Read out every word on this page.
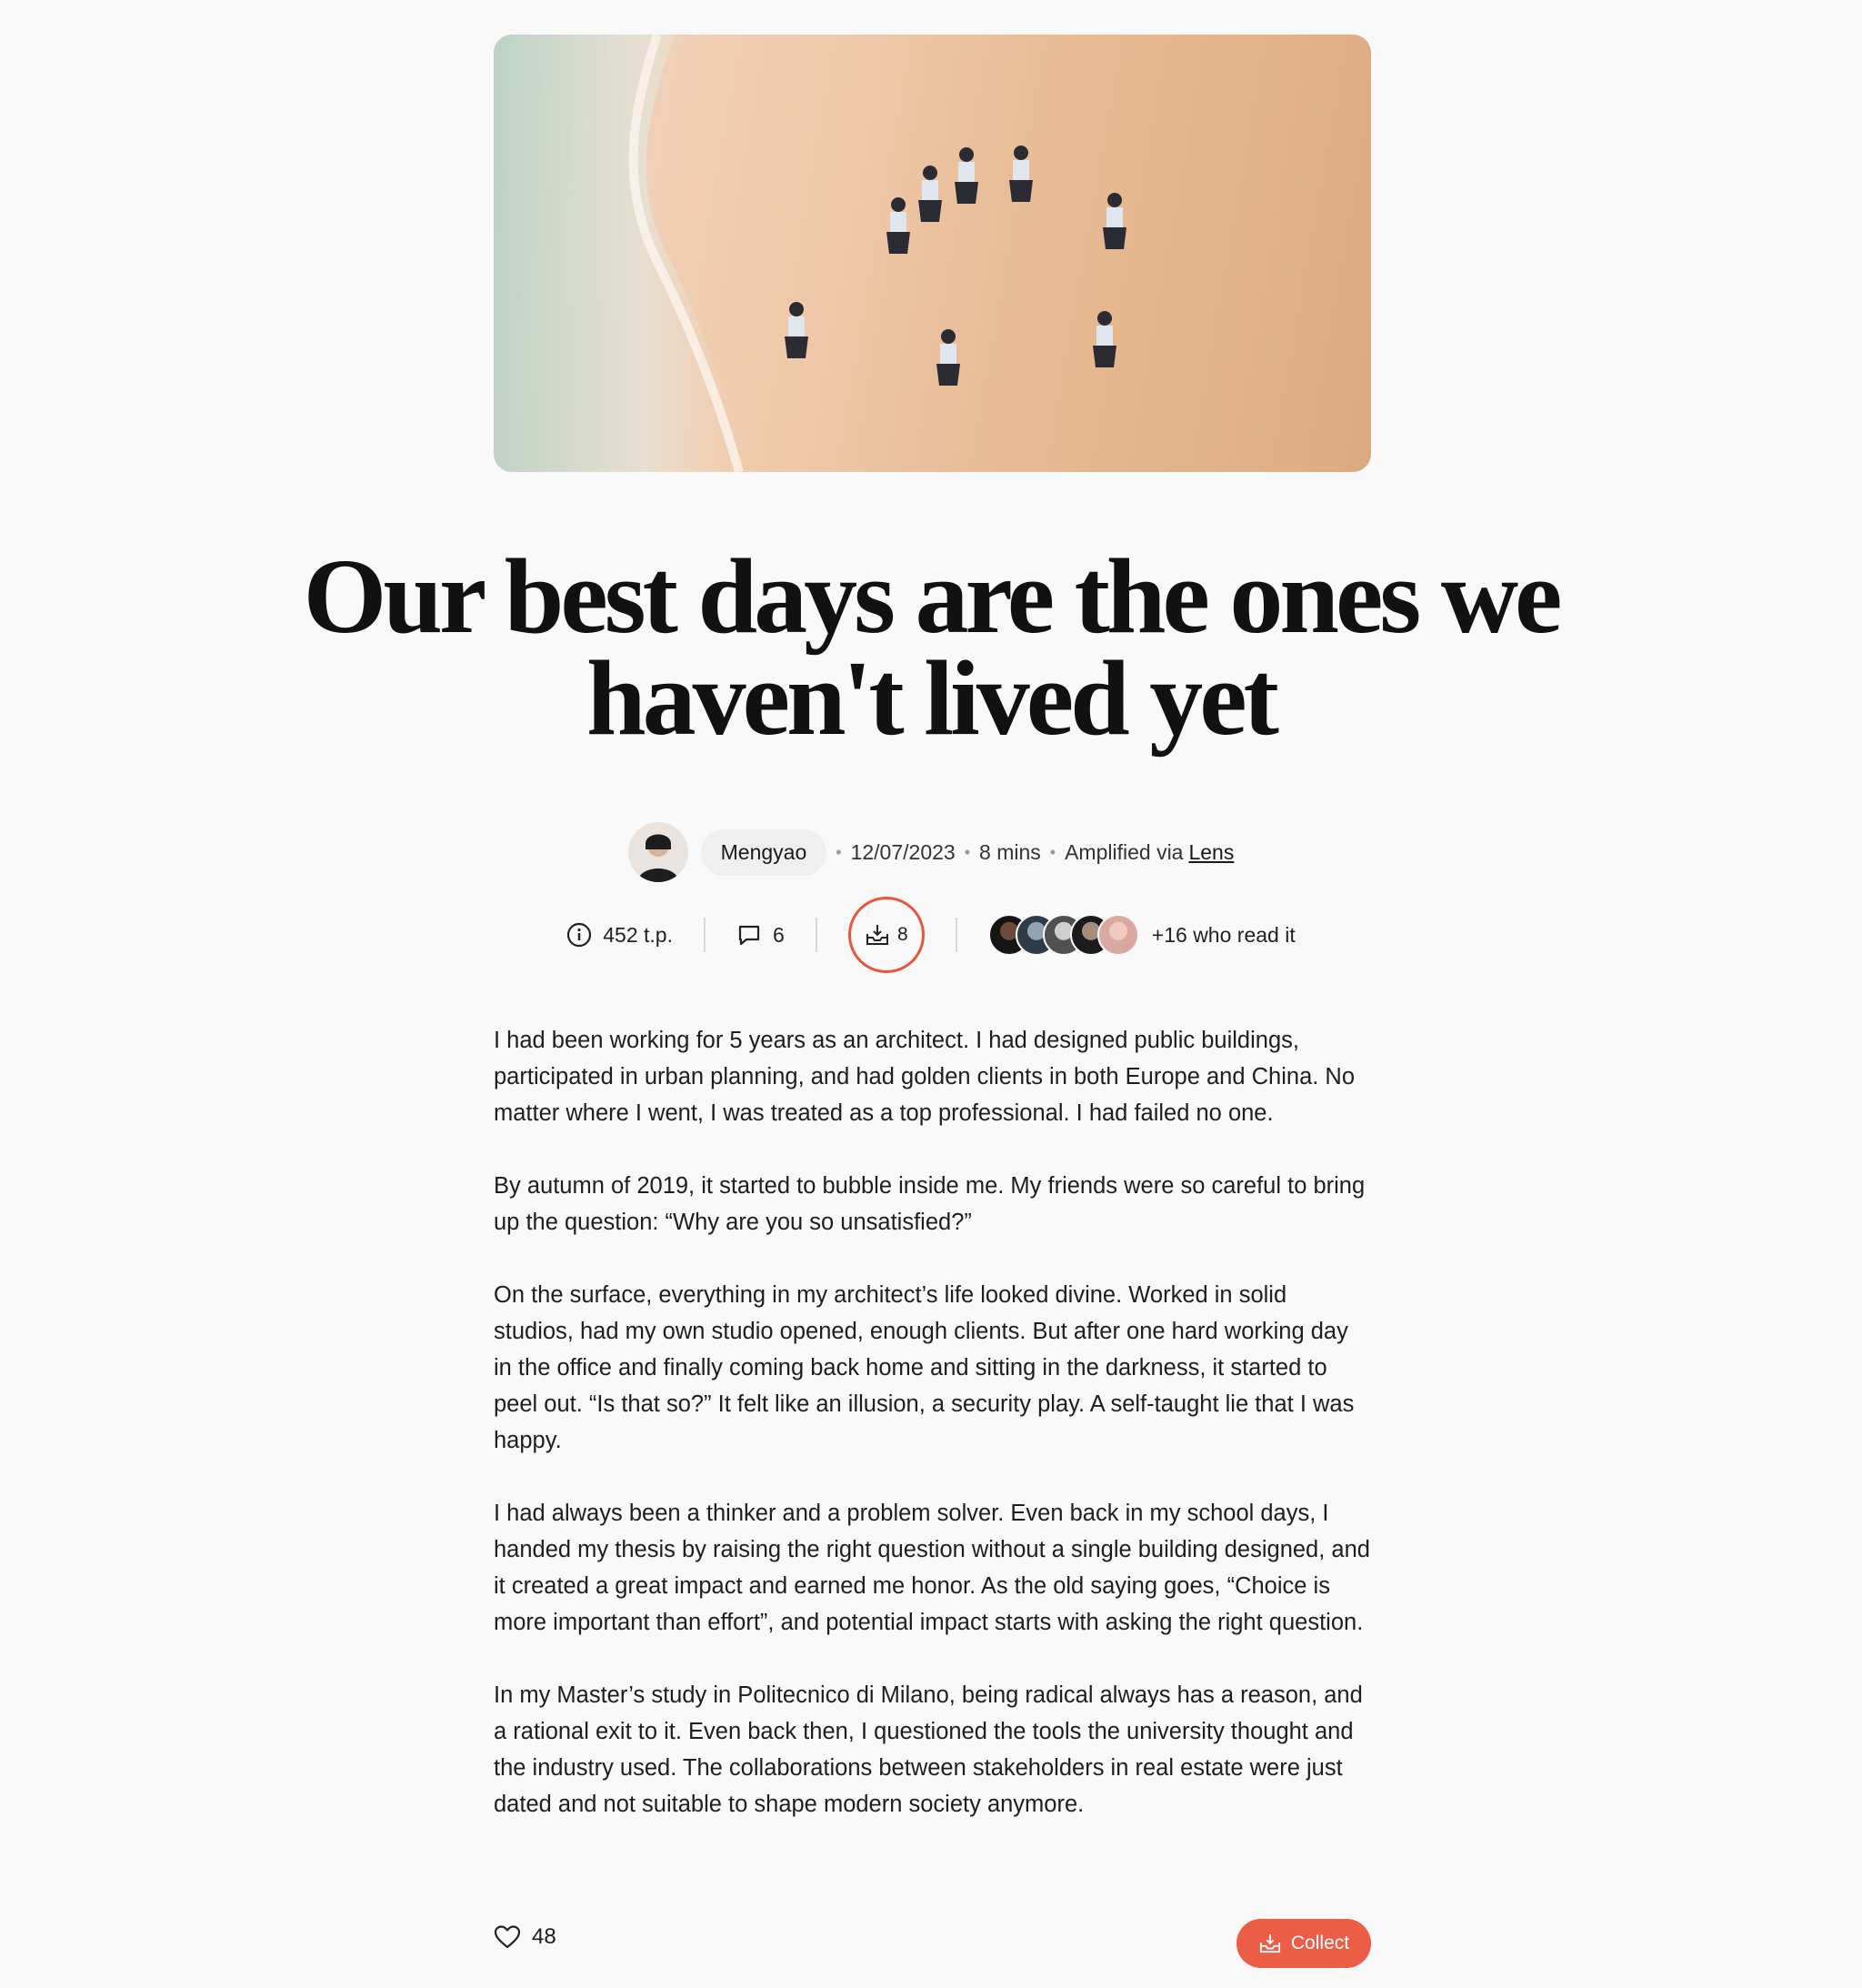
Our best days are the ones we haven't lived yet
Mengyao	• 12/07/2023 • 8 mins • Amplified via Lens
452 t.p.	6	8	+16 who read it

I had been working for 5 years as an architect. I had designed public buildings, participated in urban planning, and had golden clients in both Europe and China. No matter where I went, I was treated as a top professional. I had failed no one.

By autumn of 2019, it started to bubble inside me. My friends were so careful to bring up the question: “Why are you so unsatisfied?”

On the surface, everything in my architect’s life looked divine. Worked in solid studios, had my own studio opened, enough clients. But after one hard working day in the office and finally coming back home and sitting in the darkness, it started to peel out. “Is that so?” It felt like an illusion, a security play. A self-taught lie that I was happy.

I had always been a thinker and a problem solver. Even back in my school days, I handed my thesis by raising the right question without a single building designed, and it created a great impact and earned me honor. As the old saying goes, “Choice is more important than effort”, and potential impact starts with asking the right question.

In my Master’s study in Politecnico di Milano, being radical always has a reason, and a rational exit to it. Even back then, I questioned the tools the university thought and the industry used. The collaborations between stakeholders in real estate were just dated and not suitable to shape modern society anymore.

48	Collect
